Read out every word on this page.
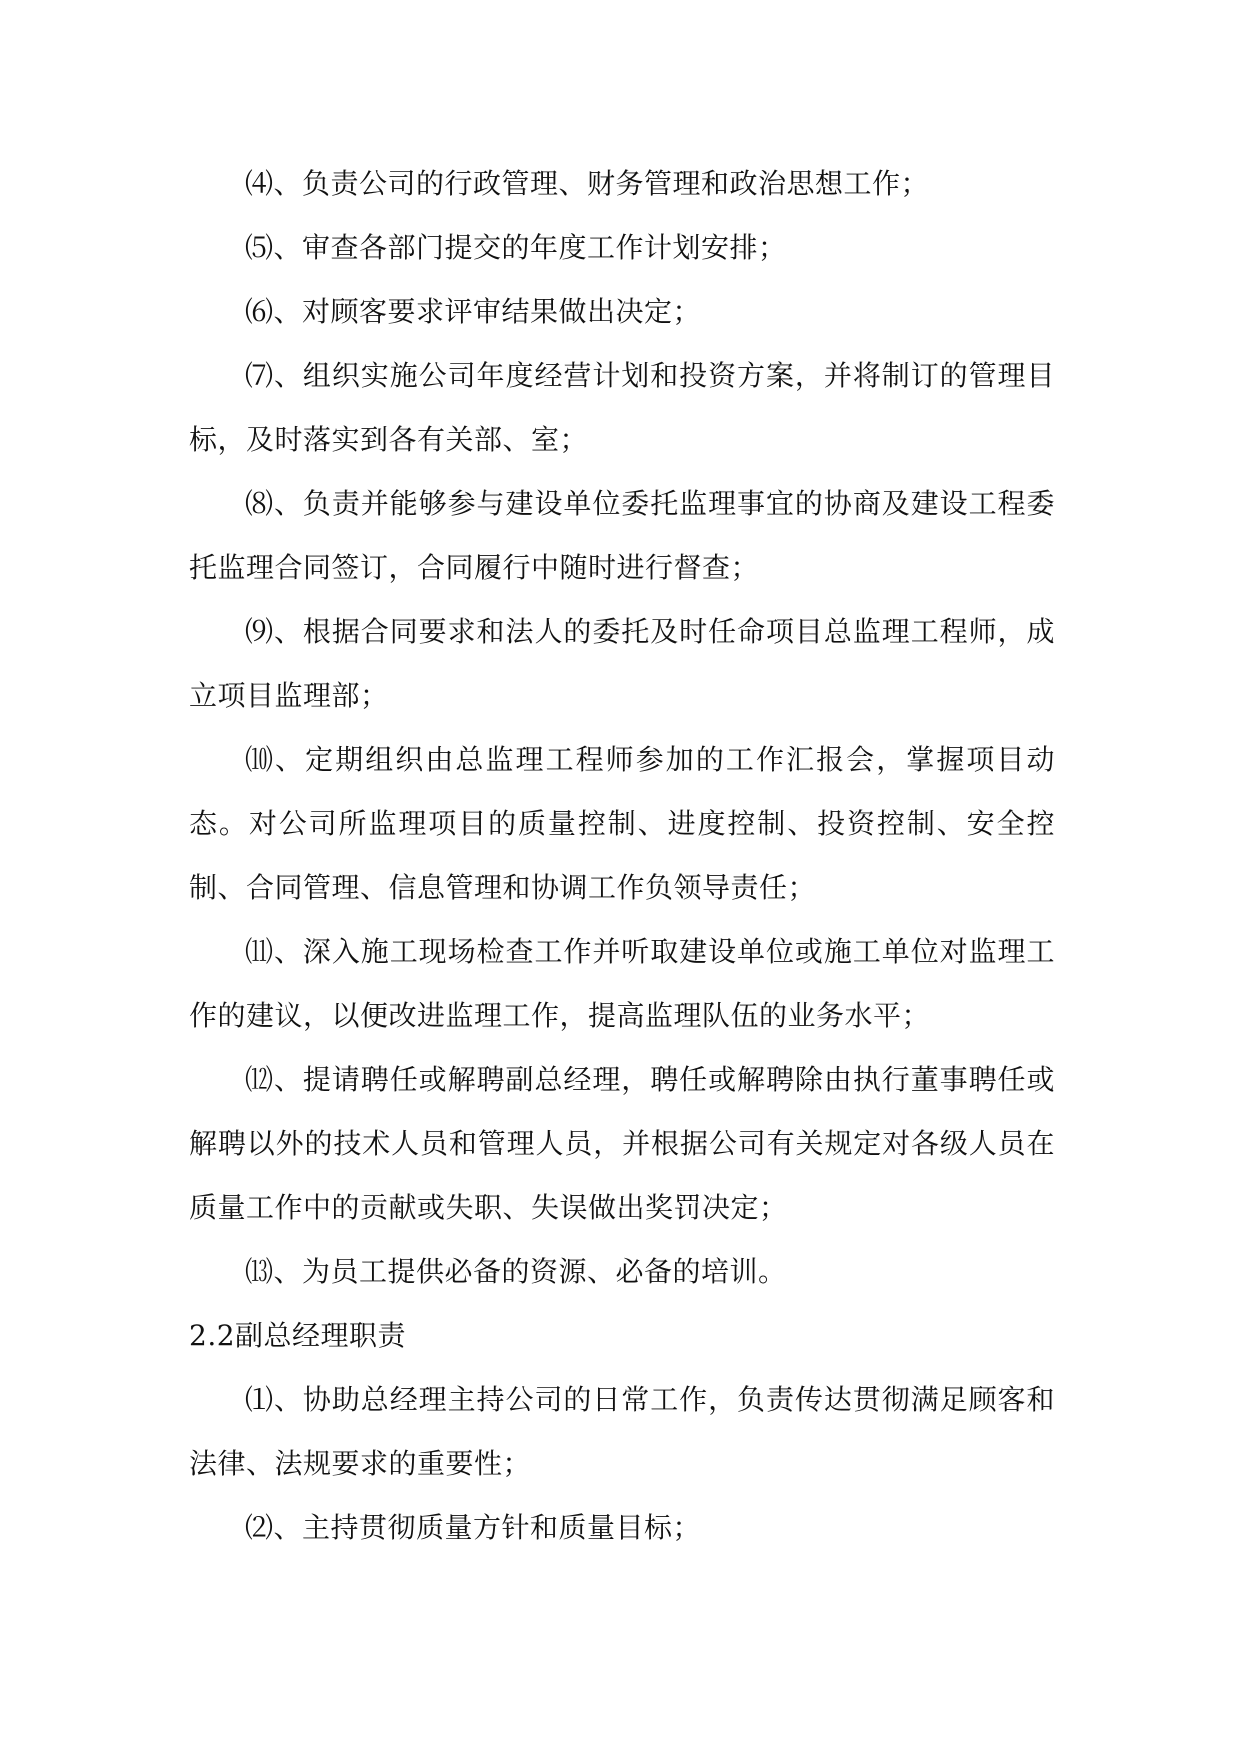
⑷、负责公司的行政管理、财务管理和政治思想工作；

⑸、审查各部门提交的年度工作计划安排；

⑹、对顾客要求评审结果做出决定；

⑺、组织实施公司年度经营计划和投资方案，并将制订的管理目标，及时落实到各有关部、室；

⑻、负责并能够参与建设单位委托监理事宜的协商及建设工程委托监理合同签订，合同履行中随时进行督查；

⑼、根据合同要求和法人的委托及时任命项目总监理工程师，成立项目监理部；

⑽、定期组织由总监理工程师参加的工作汇报会，掌握项目动态。对公司所监理项目的质量控制、进度控制、投资控制、安全控制、合同管理、信息管理和协调工作负领导责任；

⑾、深入施工现场检查工作并听取建设单位或施工单位对监理工作的建议，以便改进监理工作，提高监理队伍的业务水平；

⑿、提请聘任或解聘副总经理，聘任或解聘除由执行董事聘任或解聘以外的技术人员和管理人员，并根据公司有关规定对各级人员在质量工作中的贡献或失职、失误做出奖罚决定；

⒀、为员工提供必备的资源、必备的培训。

2.2副总经理职责

⑴、协助总经理主持公司的日常工作，负责传达贯彻满足顾客和法律、法规要求的重要性；

⑵、主持贯彻质量方针和质量目标；
